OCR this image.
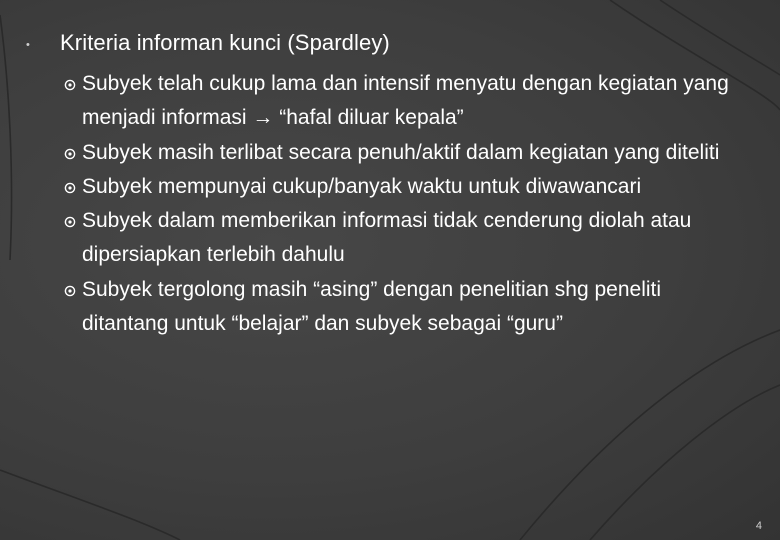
•	Kriteria informan kunci (Spardley)
Subyek telah cukup lama dan intensif menyatu dengan kegiatan yang menjadi informasi → “hafal diluar kepala”
Subyek masih terlibat secara penuh/aktif dalam kegiatan yang diteliti
Subyek mempunyai cukup/banyak waktu untuk diwawancari
Subyek dalam memberikan informasi tidak cenderung diolah atau dipersiapkan terlebih dahulu
Subyek tergolong masih “asing” dengan penelitian shg peneliti ditantang untuk “belajar” dan subyek sebagai “guru”
4
